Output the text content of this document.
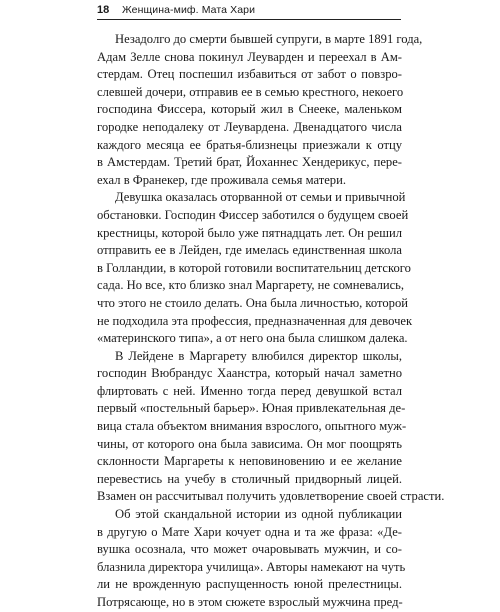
18 Женщина-миф. Мата Хари
Незадолго до смерти бывшей супруги, в марте 1891 года,
Адам Зелле снова покинул Леуварден и переехал в Ам-
стердам. Отец поспешил избавиться от забот о повзро-
слевшей дочери, отправив ее в семью крестного, некоего
господина Фиссера, который жил в Снееке, маленьком
городке неподалеку от Леувардена. Двенадцатого числа
каждого месяца ее братья-близнецы приезжали к отцу
в Амстердам. Третий брат, Йоханнес Хендерикус, пере-
ехал в Франекер, где проживала семья матери.
Девушка оказалась оторванной от семьи и привычной
обстановки. Господин Фиссер заботился о будущем своей
крестницы, которой было уже пятнадцать лет. Он решил
отправить ее в Лейден, где имелась единственная школа
в Голландии, в которой готовили воспитательниц детского
сада. Но все, кто близко знал Маргарету, не сомневались,
что этого не стоило делать. Она была личностью, которой
не подходила эта профессия, предназначенная для девочек
«материнского типа», а от него она была слишком далека.
В Лейдене в Маргарету влюбился директор школы,
господин Вюбрандус Хаанстра, который начал заметно
флиртовать с ней. Именно тогда перед девушкой встал
первый «постельный барьер». Юная привлекательная де-
вица стала объектом внимания взрослого, опытного муж-
чины, от которого она была зависима. Он мог поощрять
склонности Маргареты к неповиновению и ее желание
перевестись на учебу в столичный придворный лицей.
Взамен он рассчитывал получить удовлетворение своей страсти.
Об этой скандальной истории из одной публикации
в другую о Мате Хари кочует одна и та же фраза: «Де-
вушка осознала, что может очаровывать мужчин, и со-
блазнила директора училища». Авторы намекают на чуть
ли не врожденную распущенность юной прелестницы.
Потрясающе, но в этом сюжете взрослый мужчина пред-
